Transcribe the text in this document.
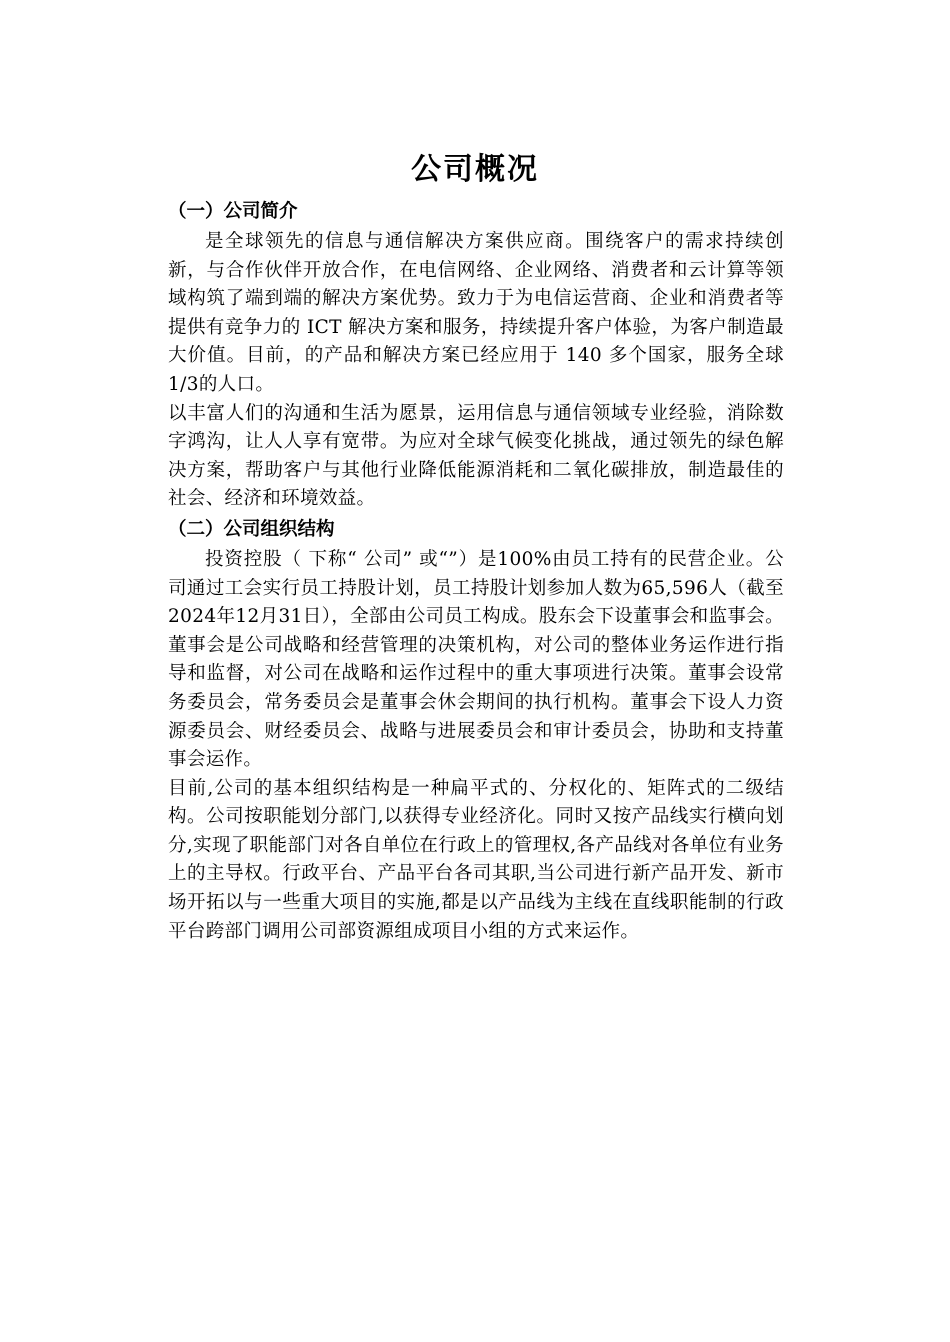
公司概况
（一）公司简介
是全球领先的信息与通信解决方案供应商。围绕客户的需求持续创新，与合作伙伴开放合作，在电信网络、企业网络、消费者和云计算等领域构筑了端到端的解决方案优势。致力于为电信运营商、企业和消费者等提供有竞争力的 ICT 解决方案和服务，持续提升客户体验，为客户制造最大价值。目前，的产品和解决方案已经应用于 140 多个国家，服务全球 1/3的人口。
以丰富人们的沟通和生活为愿景，运用信息与通信领域专业经验，消除数字鸿沟，让人人享有宽带。为应对全球气候变化挑战，通过领先的绿色解决方案，帮助客户与其他行业降低能源消耗和二氧化碳排放，制造最佳的社会、经济和环境效益。
（二）公司组织结构
投资控股（ 下称“ 公司” 或“”）是100%由员工持有的民营企业。公司通过工会实行员工持股计划，员工持股计划参加人数为65,596人（截至2024年12月31日），全部由公司员工构成。股东会下设董事会和监事会。董事会是公司战略和经营管理的决策机构，对公司的整体业务运作进行指导和监督，对公司在战略和运作过程中的重大事项进行决策。董事会设常务委员会，常务委员会是董事会休会期间的执行机构。董事会下设人力资源委员会、财经委员会、战略与进展委员会和审计委员会，协助和支持董事会运作。
目前,公司的基本组织结构是一种扁平式的、分权化的、矩阵式的二级结构。公司按职能划分部门,以获得专业经济化。同时又按产品线实行横向划分,实现了职能部门对各自单位在行政上的管理权,各产品线对各单位有业务上的主导权。行政平台、产品平台各司其职,当公司进行新产品开发、新市场开拓以与一些重大项目的实施,都是以产品线为主线在直线职能制的行政平台跨部门调用公司部资源组成项目小组的方式来运作。
